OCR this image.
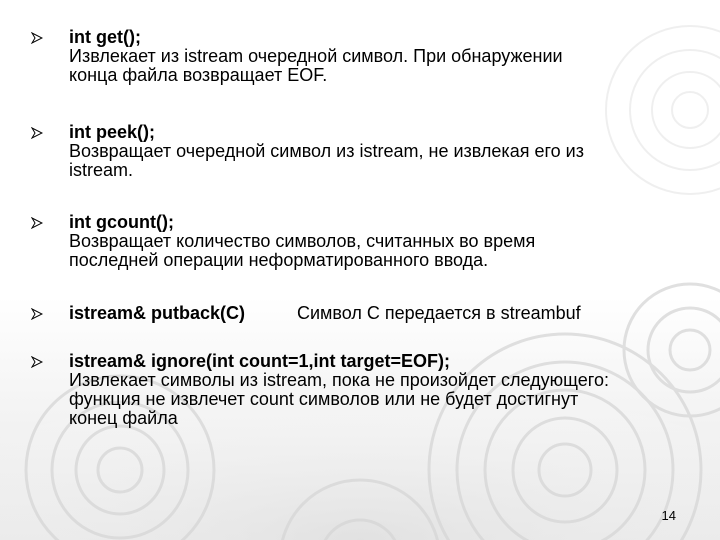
int get();
Извлекает из istream очередной символ. При обнаружении
конца файла возвращает EOF.
int peek();
Возвращает очередной символ из istream, не извлекая его из
istream.
int gcount();
Возвращает количество символов, считанных во время
последней операции неформатированного ввода.
istream& putback(C)	Символ C передается в streambuf
istream& ignore(int count=1,int target=EOF);
Извлекает символы из istream, пока не произойдет следующего:
функция не извлечет count символов или не будет достигнут
конец файла
14
